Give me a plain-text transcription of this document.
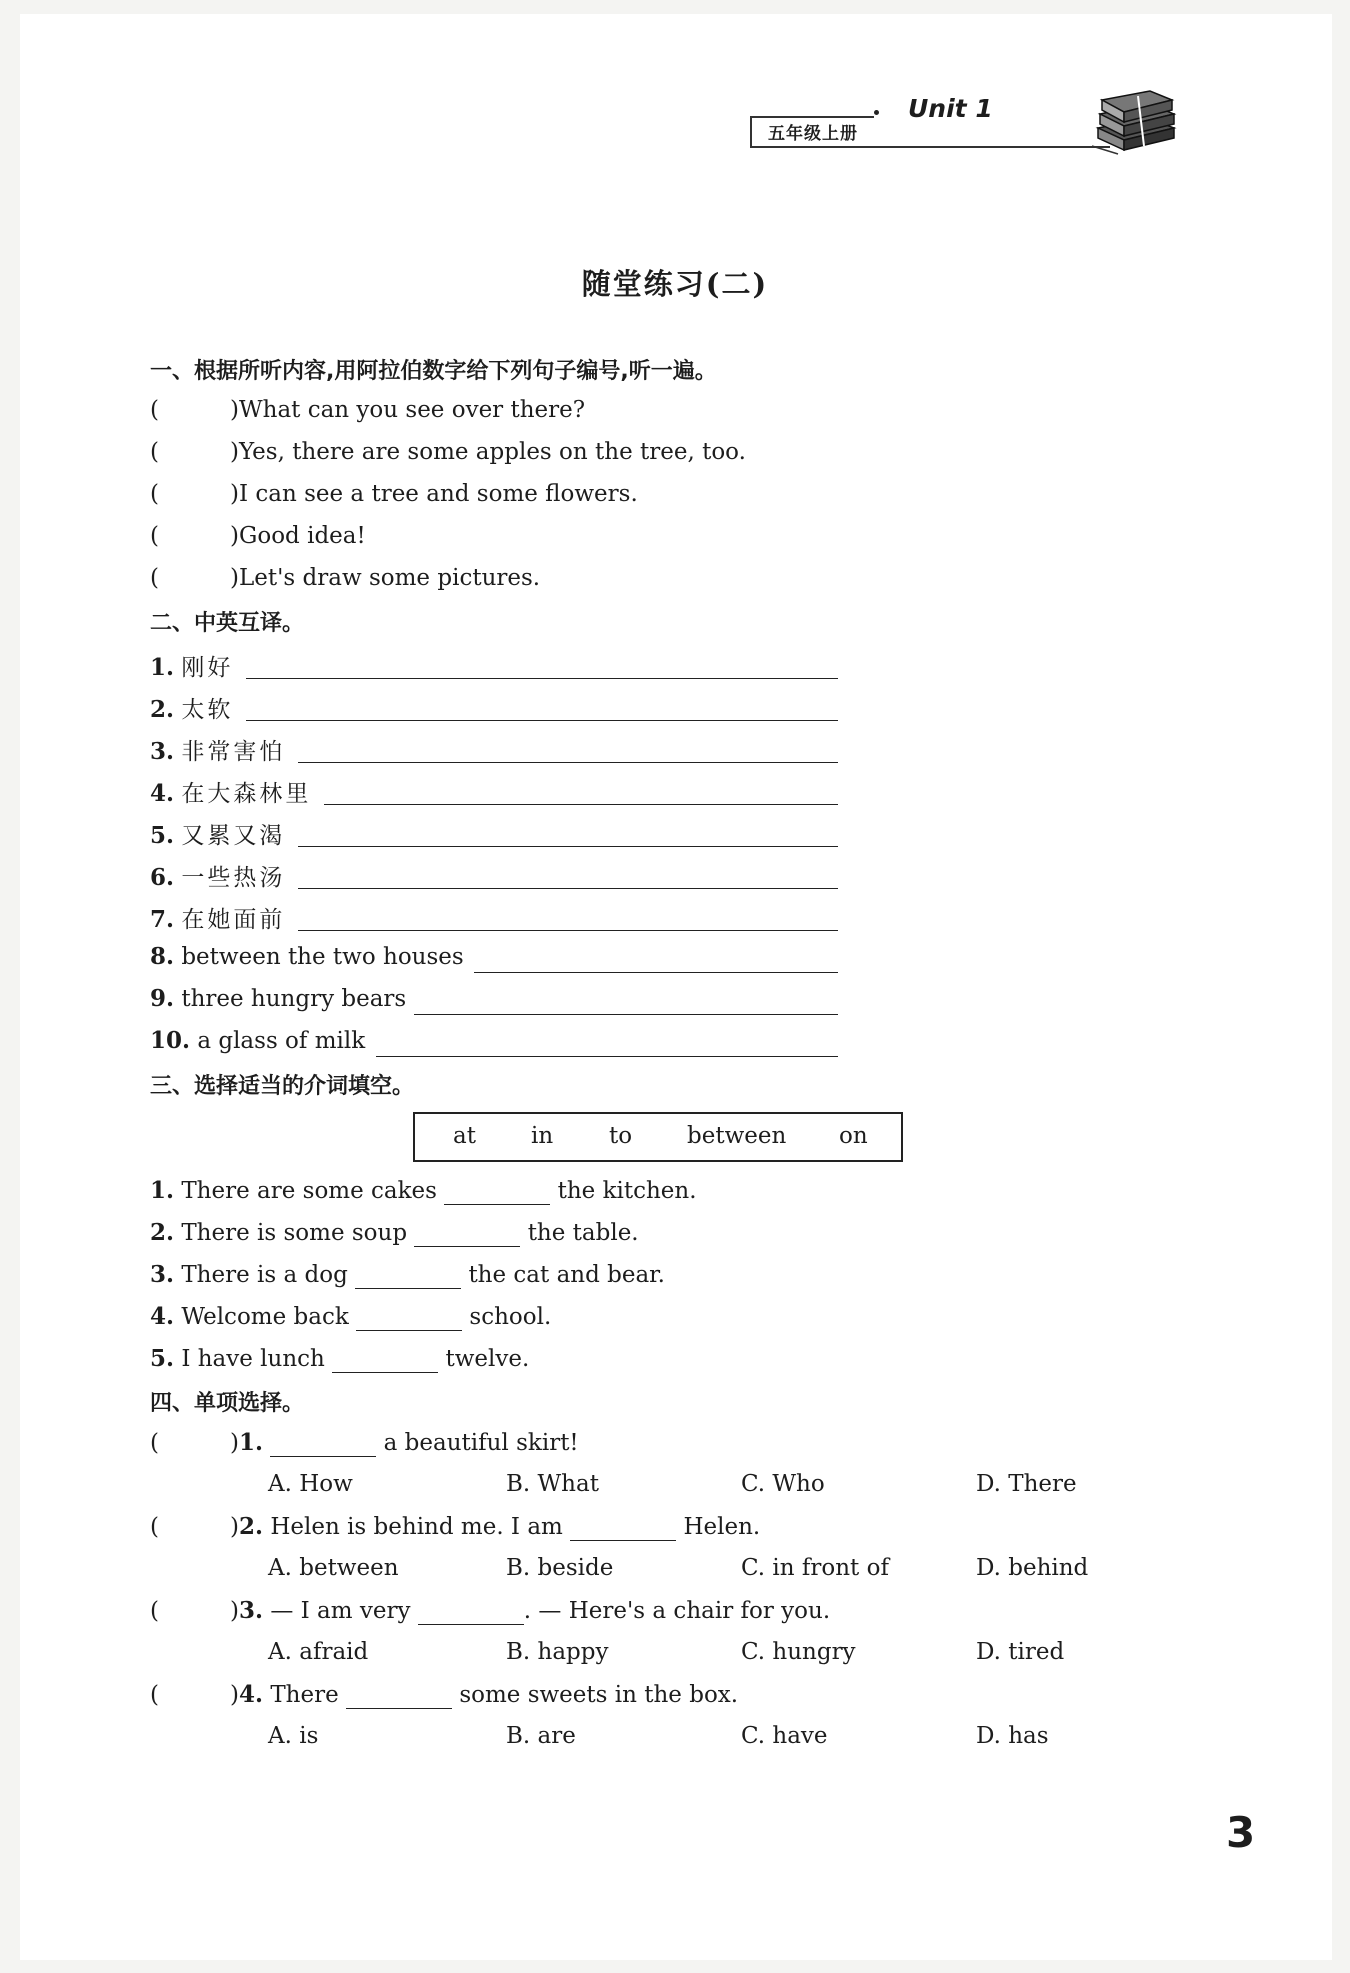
五年级上册
Unit 1
随堂练习(二)
一、根据所听内容,用阿拉伯数字给下列句子编号,听一遍。
(	)What can you see over there?
(	)Yes, there are some apples on the tree, too.
(	)I can see a tree and some flowers.
(	)Good idea!
(	)Let's draw some pictures.
二、中英互译。
1. 刚好
2. 太软
3. 非常害怕
4. 在大森林里
5. 又累又渴
6. 一些热汤
7. 在她面前
8. between the two houses
9. three hungry bears
10. a glass of milk
三、选择适当的介词填空。
at in to between on
1. There are some cakes	the kitchen.
2. There is some soup	the table.
3. There is a dog	the cat and bear.
4. Welcome back	school.
5. I have lunch	twelve.
四、单项选择。
(	)1.	a beautiful skirt!
A. How	B. What	C. Who	D. There
(	)2. Helen is behind me. I am	Helen.
A. between	B. beside	C. in front of	D. behind
(	)3. — I am very	. — Here's a chair for you.
A. afraid	B. happy	C. hungry	D. tired
(	)4. There	some sweets in the box.
A. is	B. are	C. have	D. has
3
